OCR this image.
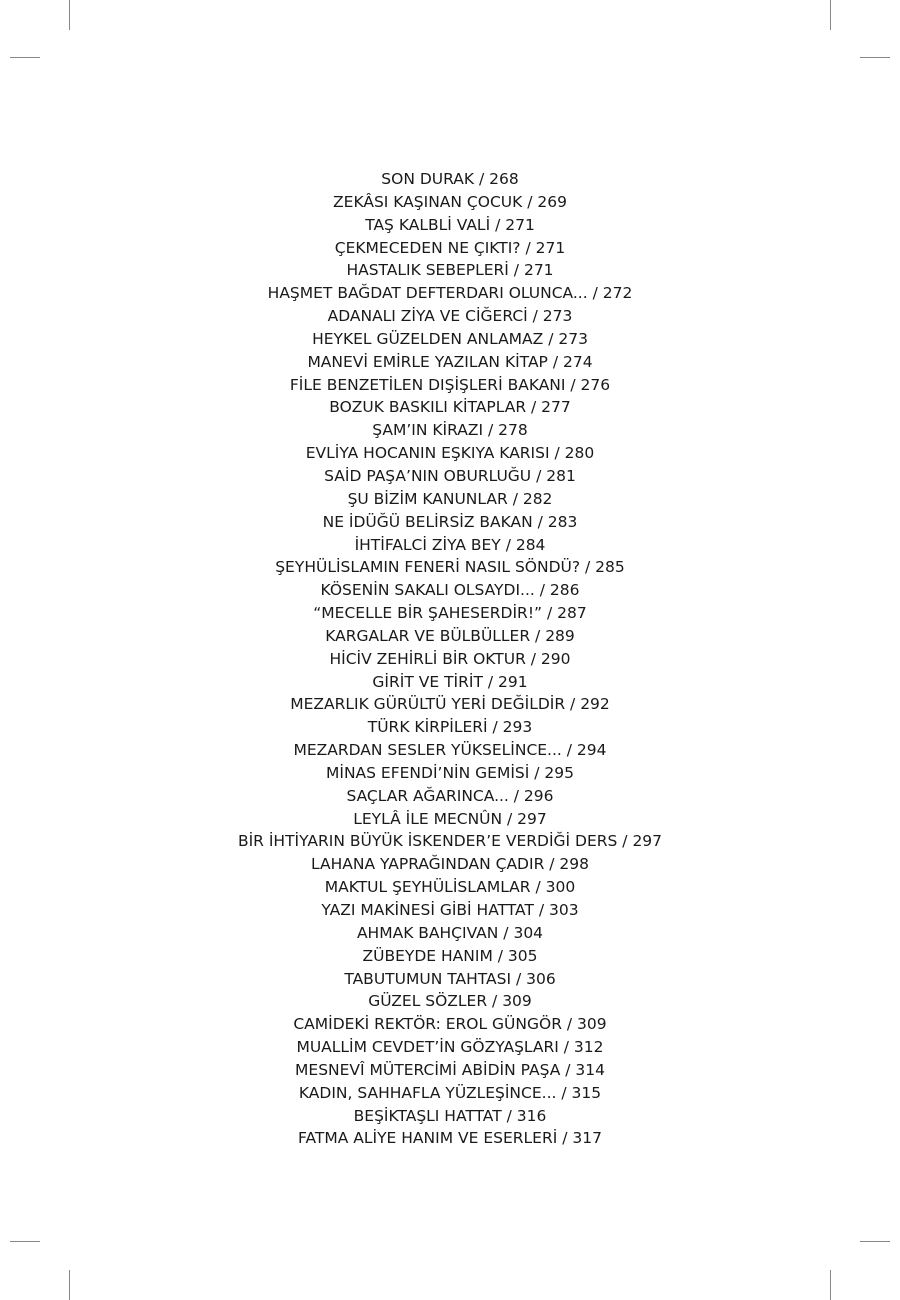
SON DURAK / 268
ZEKÂSI KAŞINAN ÇOCUK / 269
TAŞ KALBLİ VALİ / 271
ÇEKMECEDEN NE ÇIKTI? / 271
HASTALIK SEBEPLERİ / 271
HAŞMET BAĞDAT DEFTERDARI OLUNCA... / 272
ADANALI ZİYA VE CİĞERCİ / 273
HEYKEL GÜZELDEN ANLAMAZ / 273
MANEVİ EMİRLE YAZILAN KİTAP / 274
FİLE BENZETİLEN DIŞİŞLERİ BAKANI / 276
BOZUK BASKILI KİTAPLAR / 277
ŞAM’IN KİRAZI / 278
EVLİYA HOCANIN EŞKIYA KARISI / 280
SAİD PAŞA’NIN OBURLUĞU / 281
ŞU BİZİM KANUNLAR / 282
NE İDÜĞÜ BELİRSİZ BAKAN / 283
İHTİFALCİ ZİYA BEY / 284
ŞEYHÜLİSLAMIN FENERİ NASIL SÖNDÜ? / 285
KÖSENİN SAKALI OLSAYDI... / 286
“MECELLE BİR ŞAHESERDİR!” / 287
KARGALAR VE BÜLBÜLLER / 289
HİCİV ZEHİRLİ BİR OKTUR / 290
GİRİT VE TİRİT / 291
MEZARLIK GÜRÜLTÜ YERİ DEĞİLDİR / 292
TÜRK KİRPİLERİ / 293
MEZARDAN SESLER YÜKSELİNCE... / 294
MİNAS EFENDİ’NİN GEMİSİ / 295
SAÇLAR AĞARINCA... / 296
LEYLÂ İLE MECNÛN / 297
BİR İHTİYARIN BÜYÜK İSKENDER’E VERDİĞİ DERS / 297
LAHANA YAPRAĞINDAN ÇADIR / 298
MAKTUL ŞEYHÜLİSLAMLAR / 300
YAZI MAKİNESİ GİBİ HATTAT / 303
AHMAK BAHÇIVAN / 304
ZÜBEYDE HANIM / 305
TABUTUMUN TAHTASI / 306
GÜZEL SÖZLER / 309
CAMİDEKİ REKTÖR: EROL GÜNGÖR / 309
MUALLİM CEVDET’İN GÖZYAŞLARI / 312
MESNEVÎ MÜTERCİMİ ABİDİN PAŞA / 314
KADIN, SAHHAFLA YÜZLEŞİNCE... / 315
BEŞİKTAŞLI HATTAT / 316
FATMA ALİYE HANIM VE ESERLERİ / 317
